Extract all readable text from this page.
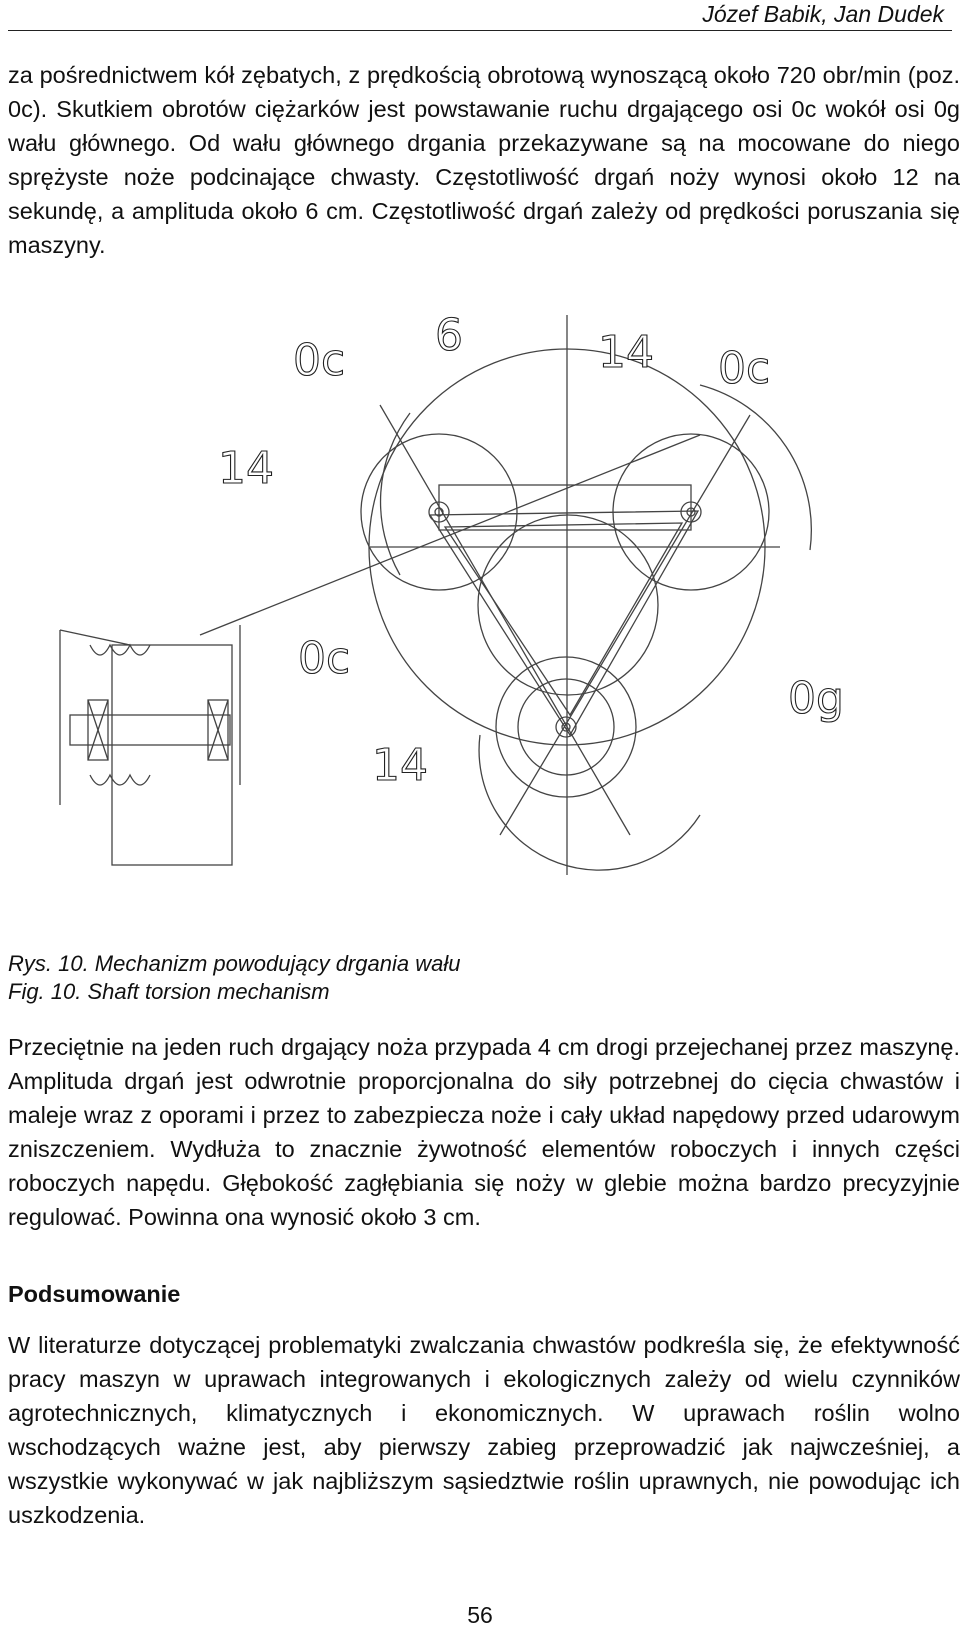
Józef Babik, Jan Dudek

za pośrednictwem kół zębatych, z prędkością obrotową wynoszącą około 720 obr/min (poz. 0c). Skutkiem obrotów ciężarków jest powstawanie ruchu drgającego osi 0c wokół osi 0g wału głównego. Od wału głównego drgania przekazywane są na mocowane do niego sprężyste noże podcinające chwasty. Częstotliwość drgań noży wynosi około 12 na sekundę, a amplituda około 6 cm. Częstotliwość drgań zależy od prędkości poruszania się maszyny.

0c 6	14 0c
14
0c
0g
14
Rys. 10. Mechanizm powodujący drgania wału
Fig. 10. Shaft torsion mechanism

Przeciętnie na jeden ruch drgający noża przypada 4 cm drogi przejechanej przez maszynę. Amplituda drgań jest odwrotnie proporcjonalna do siły potrzebnej do cięcia chwastów i maleje wraz z oporami i przez to zabezpiecza noże i cały układ napędowy przed udarowym zniszczeniem. Wydłuża to znacznie żywotność elementów roboczych i innych części roboczych napędu. Głębokość zagłębiania się noży w glebie można bardzo precyzyjnie regulować. Powinna ona wynosić około 3 cm.

Podsumowanie

W literaturze dotyczącej problematyki zwalczania chwastów podkreśla się, że efektywność pracy maszyn w uprawach integrowanych i ekologicznych zależy od wielu czynników agrotechnicznych, klimatycznych i ekonomicznych. W uprawach roślin wolno wschodzących ważne jest, aby pierwszy zabieg przeprowadzić jak najwcześniej, a wszystkie wykonywać w jak najbliższym sąsiedztwie roślin uprawnych, nie powodując ich uszkodzenia.

56
